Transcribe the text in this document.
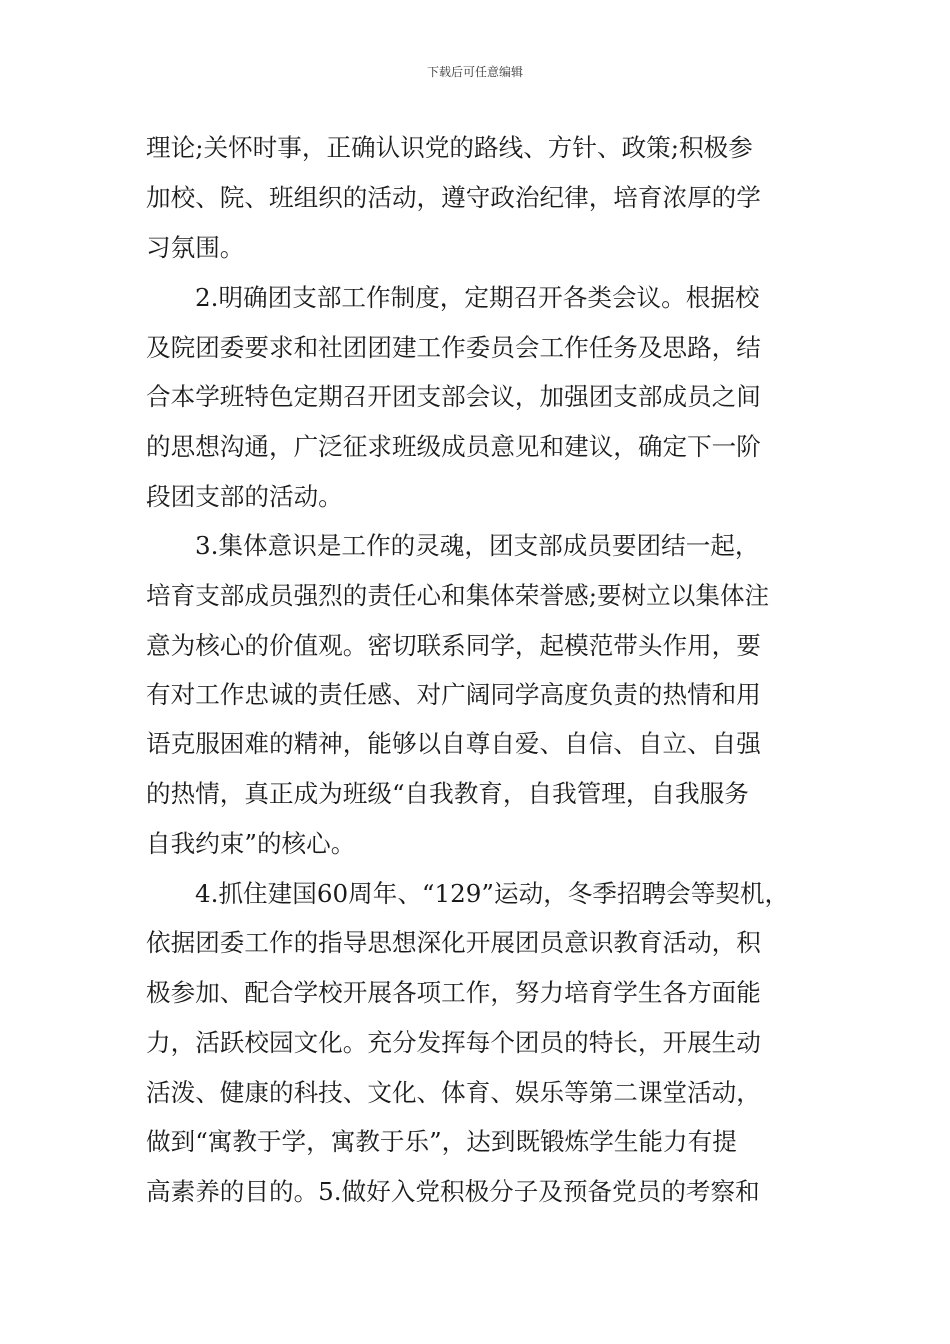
下载后可任意编辑
理论;关怀时事，正确认识党的路线、方针、政策;积极参
加校、院、班组织的活动，遵守政治纪律，培育浓厚的学
习氛围。
2.明确团支部工作制度，定期召开各类会议。根据校
及院团委要求和社团团建工作委员会工作任务及思路，结
合本学班特色定期召开团支部会议，加强团支部成员之间
的思想沟通，广泛征求班级成员意见和建议，确定下一阶
段团支部的活动。
3.集体意识是工作的灵魂，团支部成员要团结一起，
培育支部成员强烈的责任心和集体荣誉感;要树立以集体注
意为核心的价值观。密切联系同学，起模范带头作用，要
有对工作忠诚的责任感、对广阔同学高度负责的热情和用
语克服困难的精神，能够以自尊自爱、自信、自立、自强
的热情，真正成为班级“自我教育，自我管理，自我服务
自我约束”的核心。
4.抓住建国60周年、“129”运动，冬季招聘会等契机，
依据团委工作的指导思想深化开展团员意识教育活动，积
极参加、配合学校开展各项工作，努力培育学生各方面能
力，活跃校园文化。充分发挥每个团员的特长，开展生动
活泼、健康的科技、文化、体育、娱乐等第二课堂活动，
做到“寓教于学，寓教于乐”，达到既锻炼学生能力有提
高素养的目的。5.做好入党积极分子及预备党员的考察和
